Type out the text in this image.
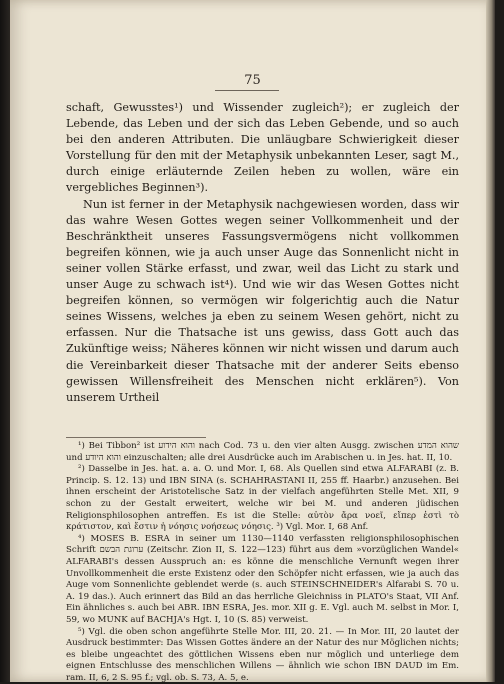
75

schaft, Gewusstes¹) und Wissender zugleich²); er zugleich der Lebende, das Leben und der sich das Leben Gebende, und so auch bei den anderen Attributen. Die unläugbare Schwierigkeit dieser Vorstellung für den mit der Metaphysik unbekannten Leser, sagt M., durch einige erläuternde Zeilen heben zu wollen, wäre ein vergebliches Beginnen³).

Nun ist ferner in der Metaphysik nachgewiesen worden, dass wir das wahre Wesen Gottes wegen seiner Vollkommenheit und der Beschränktheit unseres Fassungsvermögens nicht vollkommen begreifen können, wie ja auch unser Auge das Sonnenlicht nicht in seiner vollen Stärke erfasst, und zwar, weil das Licht zu stark und unser Auge zu schwach ist⁴). Und wie wir das Wesen Gottes nicht begreifen können, so vermögen wir folgerichtig auch die Natur seines Wissens, welches ja eben zu seinem Wesen gehört, nicht zu erfassen. Nur die Thatsache ist uns gewiss, dass Gott auch das Zukünftige weiss; Näheres können wir nicht wissen und darum auch die Vereinbarkeit dieser Thatsache mit der anderer Seits ebenso gewissen Willensfreiheit des Menschen nicht erklären⁵). Von unserem Urtheil

¹) Bei Tibbon² ist והוא הידוע nach Cod. 73 u. den vier alten Ausgg. zwischen שהוא המדע und והוא היודע einzuschalten; alle drei Ausdrücke auch im Arabischen u. in Jes. hat. II, 10.

²) Dasselbe in Jes. hat. a. a. O. und Mor. I, 68. Als Quellen sind etwa ALFARABI (z. B. Princip. S. 12. 13) und IBN SINA (s. SCHAHRASTANI II, 255 ff. Haarbr.) anzusehen. Bei ihnen erscheint der Aristotelische Satz in der vielfach angeführten Stelle Met. XII, 9 schon zu der Gestalt erweitert, welche wir bei M. und anderen jüdischen Religionsphilosophen antreffen. Es ist die Stelle: αὑτὸν ἄρα νοεῖ, εἴπερ ἐστὶ τὸ κράτιστον, καὶ ἔστιν ἡ νόησις νοήσεως νόησις. ³) Vgl. Mor. I, 68 Anf.

⁴) MOSES B. ESRA in seiner um 1130—1140 verfassten religionsphilosophischen Schrift ערוגת הבשם (Zeitschr. Zion II, S. 122—123) führt aus dem »vorzüglichen Wandel« ALFARABI's dessen Ausspruch an: es könne die menschliche Vernunft wegen ihrer Unvollkommenheit die erste Existenz oder den Schöpfer nicht erfassen, wie ja auch das Auge vom Sonnenlichte geblendet werde (s. auch STEINSCHNEIDER's Alfarabi S. 70 u. A. 19 das.). Auch erinnert das Bild an das herrliche Gleichniss in PLATO's Staat, VII Anf. Ein ähnliches s. auch bei ABR. IBN ESRA, Jes. mor. XII g. E. Vgl. auch M. selbst in Mor. I, 59, wo MUNK auf BACHJA's Hgt. I, 10 (S. 85) verweist.

⁵) Vgl. die oben schon angeführte Stelle Mor. III, 20. 21. — In Mor. III, 20 lautet der Ausdruck bestimmter: Das Wissen Gottes ändere an der Natur des nur Möglichen nichts; es bleibe ungeachtet des göttlichen Wissens eben nur möglich und unterliege dem eignen Entschlusse des menschlichen Willens — ähnlich wie schon IBN DAUD im Em. ram. II, 6, 2 S. 95 f.; vgl. ob. S. 73, A. 5, e.
